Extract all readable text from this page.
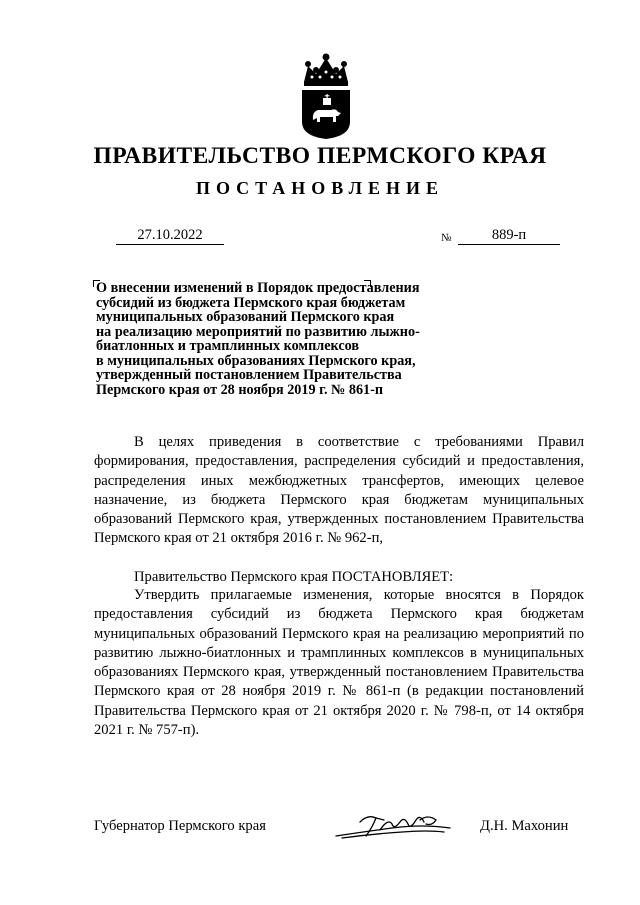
ПРАВИТЕЛЬСТВО ПЕРМСКОГО КРАЯ
ПОСТАНОВЛЕНИЕ
27.10.2022	№	889-п
О внесении изменений в Порядок предоставления
субсидий из бюджета Пермского края бюджетам
муниципальных образований Пермского края
на реализацию мероприятий по развитию лыжно-
биатлонных и трамплинных комплексов
в муниципальных образованиях Пермского края,
утвержденный постановлением Правительства
Пермского края от 28 ноября 2019 г. № 861-п

В целях приведения в соответствие с требованиями Правил формирования, предоставления, распределения субсидий и предоставления, распределения иных межбюджетных трансфертов, имеющих целевое назначение, из бюджета Пермского края бюджетам муниципальных образований Пермского края, утвержденных постановлением Правительства Пермского края от 21 октября 2016 г. № 962-п,

Правительство Пермского края ПОСТАНОВЛЯЕТ:

Утвердить прилагаемые изменения, которые вносятся в Порядок предоставления субсидий из бюджета Пермского края бюджетам муниципальных образований Пермского края на реализацию мероприятий по развитию лыжно-биатлонных и трамплинных комплексов в муниципальных образованиях Пермского края, утвержденный постановлением Правительства Пермского края от 28 ноября 2019 г. № 861-п (в редакции постановлений Правительства Пермского края от 21 октября 2020 г. № 798-п, от 14 октября 2021 г. № 757-п).

Губернатор Пермского края	Д.Н. Махонин
